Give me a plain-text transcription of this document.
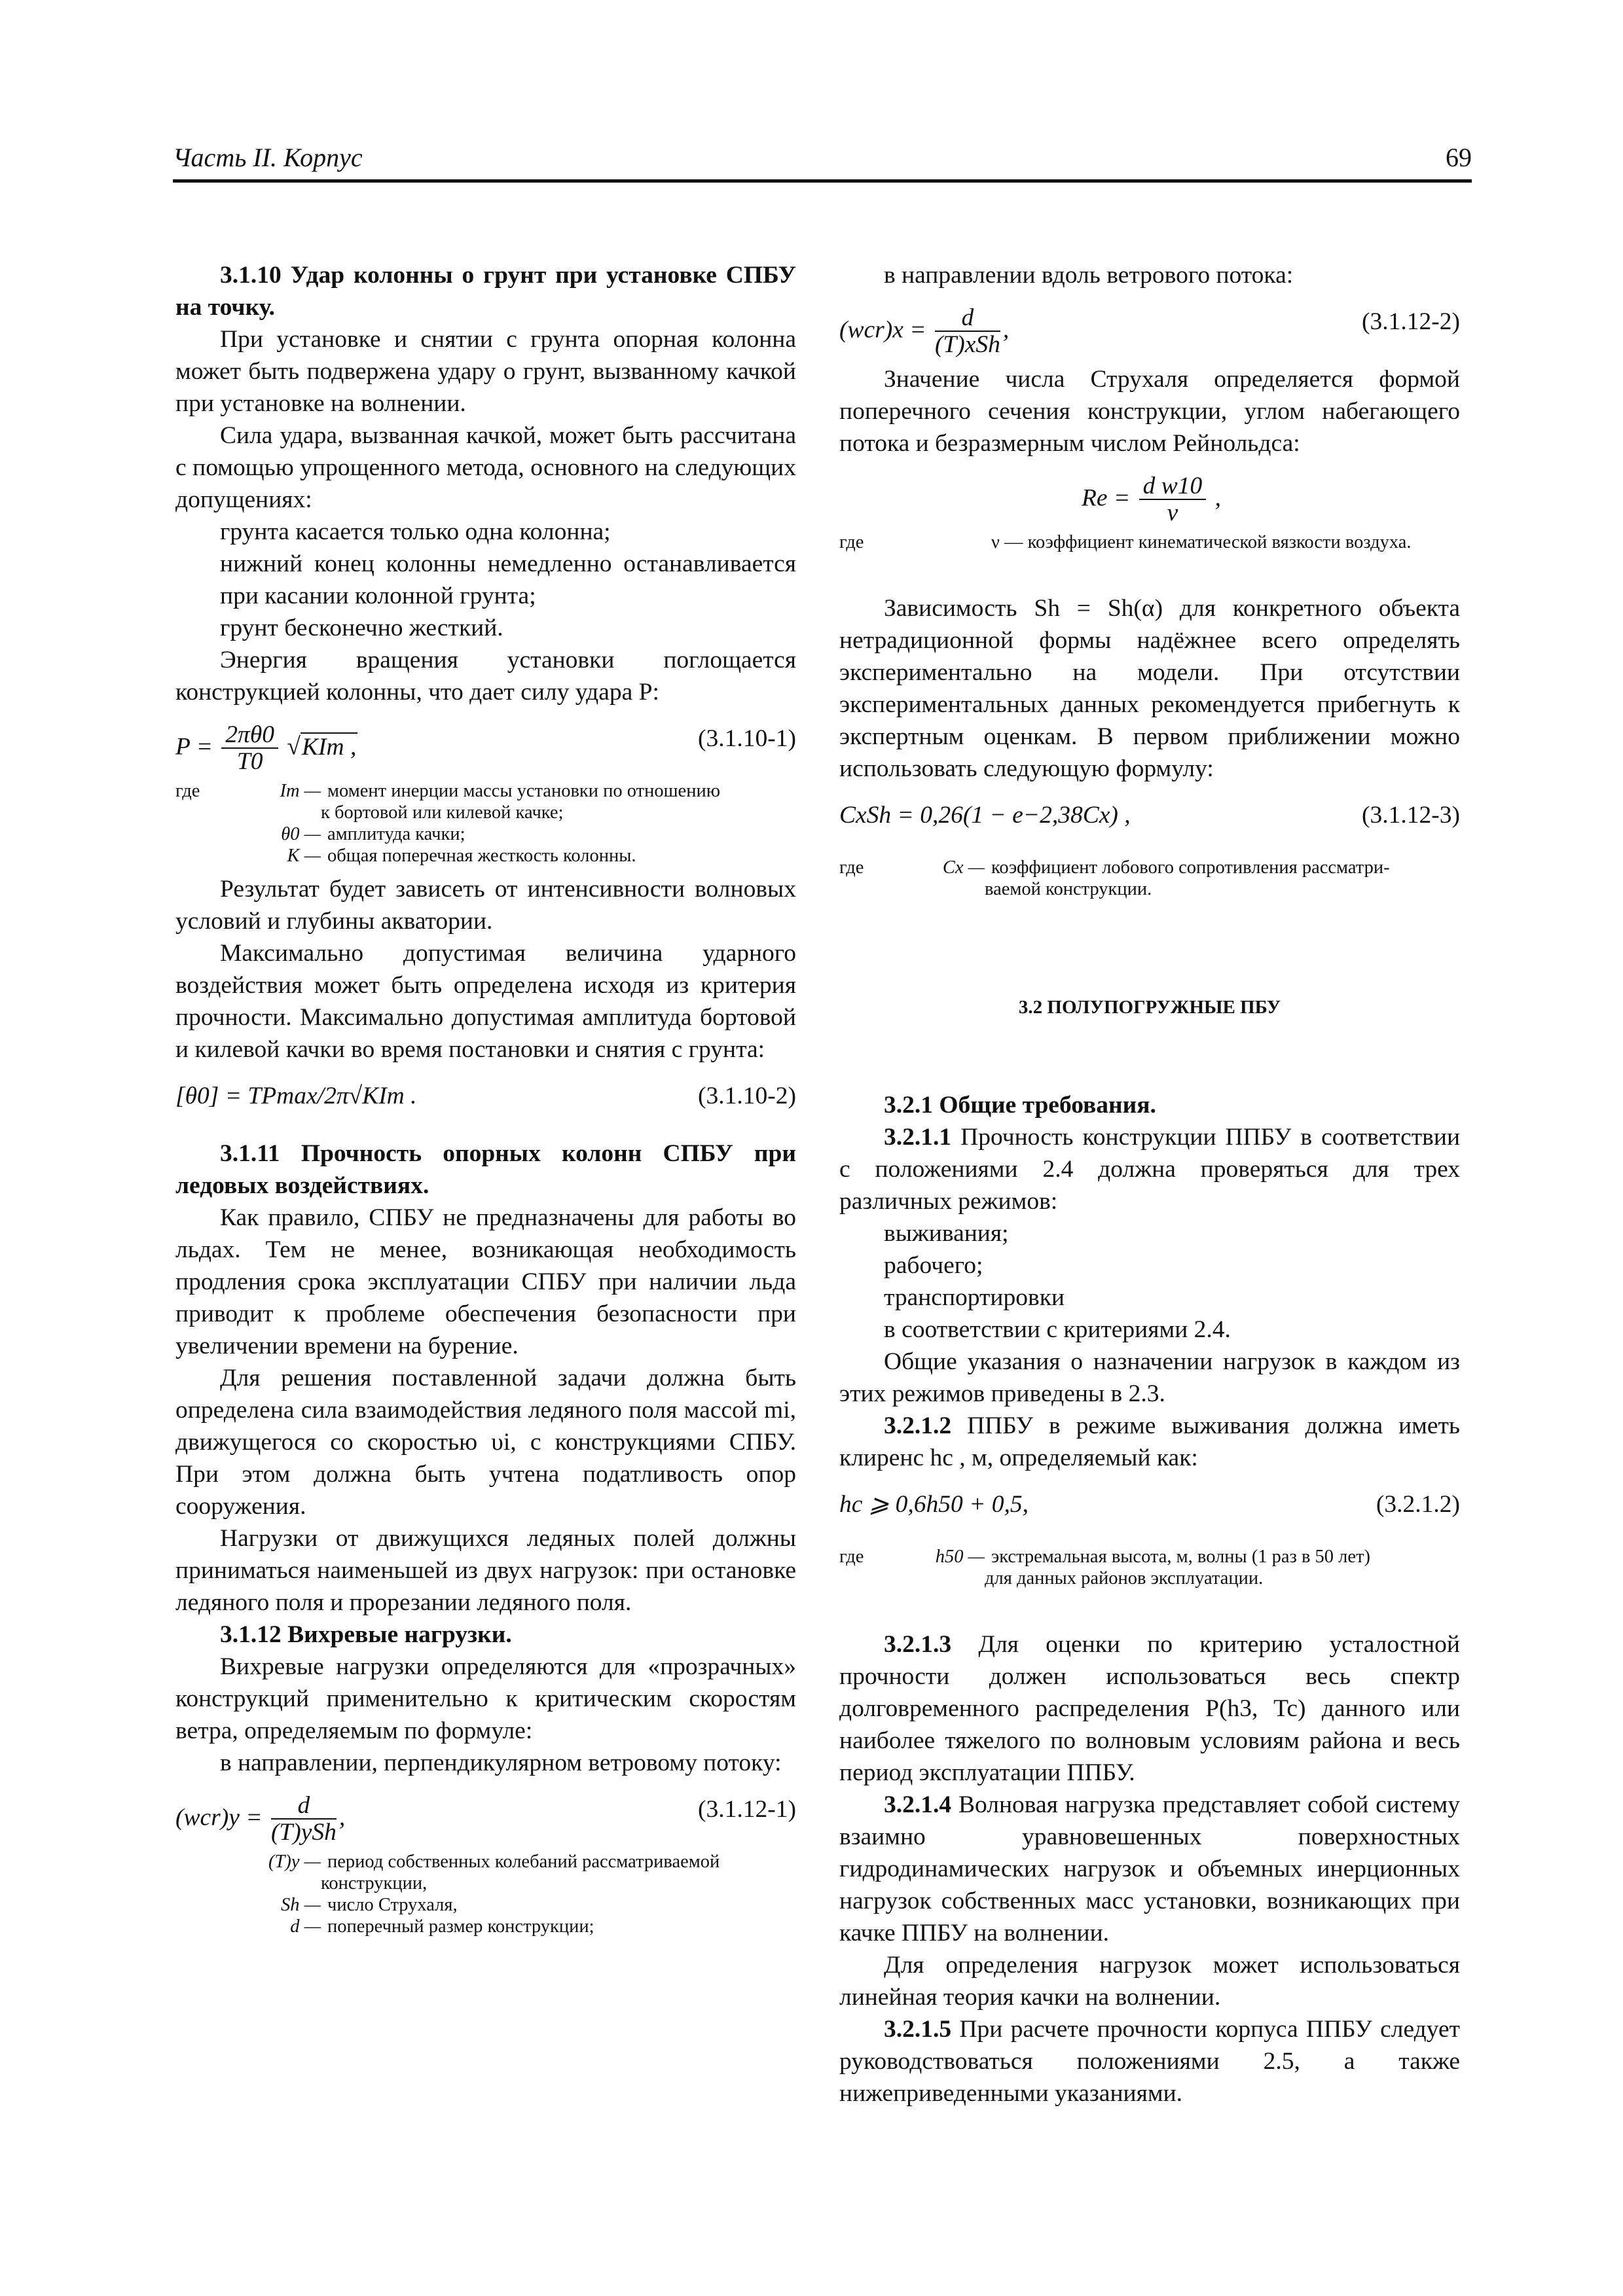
Часть II. Корпус	69

3.1.10 Удар колонны о грунт при установке СПБУ на точку.

При установке и снятии с грунта опорная колонна может быть подвержена удару о грунт, вызванному качкой при установке на волнении.

Сила удара, вызванная качкой, может быть рассчитана с помощью упрощенного метода, основного на следующих допущениях:

грунта касается только одна колонна;

нижний конец колонны немедленно останавливается при касании колонной грунта;

грунт бесконечно жесткий.

Энергия вращения установки поглощается конструкцией колонны, что дает силу удара P:

$P = \frac{2\pi\theta 0}{T0} √KIm$ ,	(3.1.10-1)
где	Im — момент инерции массы установки по отношению
к бортовой или килевой качке;
θ0 — амплитуда качки;
K — общая поперечная жесткость колонны.

Результат будет зависеть от интенсивности волновых условий и глубины акватории.

Максимально допустимая величина ударного воздействия может быть определена исходя из критерия прочности. Максимально допустимая амплитуда бортовой и килевой качки во время постановки и снятия с грунта:

[θ0] = TPmax/2π√KIm .	(3.1.10-2)

3.1.11 Прочность опорных колонн СПБУ при ледовых воздействиях.

Как правило, СПБУ не предназначены для работы во льдах. Тем не менее, возникающая необходимость продления срока эксплуатации СПБУ при наличии льда приводит к проблеме обеспечения безопасности при увеличении времени на бурение.

Для решения поставленной задачи должна быть определена сила взаимодействия ледяного поля массой mi, движущегося со скоростью υi, с конструкциями СПБУ. При этом должна быть учтена податливость опор сооружения.

Нагрузки от движущихся ледяных полей должны приниматься наименьшей из двух нагрузок: при остановке ледяного поля и прорезании ледяного поля.

3.1.12 Вихревые нагрузки.

Вихревые нагрузки определяются для «прозрачных» конструкций применительно к критическим скоростям ветра, определяемым по формуле:

в направлении, перпендикулярном ветровому потоку:

$(wcr)y = \frac{d}{\text{(T)ySh}}$ ,	(3.1.12-1)
(T)y — период собственных колебаний рассматриваемой
конструкции,
Sh — число Струхаля,
d — поперечный размер конструкции;

в направлении вдоль ветрового потока:

$(wcr)x = \frac{d}{\text{(T)xSh}}$ ,	(3.1.12-2)

Значение числа Струхаля определяется формой поперечного сечения конструкции, углом набегающего потока и безразмерным числом Рейнольдса:

$Re = \frac{\text{d w10}}{\nu}$ ,
где	ν — коэффициент кинематической вязкости воздуха.

Зависимость Sh = Sh(α) для конкретного объекта нетрадиционной формы надёжнее всего определять экспериментально на модели. При отсутствии экспериментальных данных рекомендуется прибегнуть к экспертным оценкам. В первом приближении можно использовать следующую формулу:

CxSh = 0,26(1 − e−2,38Cx) ,	(3.1.12-3)
где	Cx — коэффициент лобового сопротивления рассматри-
ваемой конструкции.
3.2 ПОЛУПОГРУЖНЫЕ ПБУ

3.2.1 Общие требования.

3.2.1.1 Прочность конструкции ППБУ в соответствии с положениями 2.4 должна проверяться для трех различных режимов:

выживания;

рабочего;

транспортировки

в соответствии с критериями 2.4.

Общие указания о назначении нагрузок в каждом из этих режимов приведены в 2.3.

3.2.1.2 ППБУ в режиме выживания должна иметь клиренс hc , м, определяемый как:

hc ⩾ 0,6h50 + 0,5,	(3.2.1.2)
где	h50 — экстремальная высота, м, волны (1 раз в 50 лет)
для данных районов эксплуатации.

3.2.1.3 Для оценки по критерию усталостной прочности должен использоваться весь спектр долговременного распределения P(h3, Tc) данного или наиболее тяжелого по волновым условиям района и весь период эксплуатации ППБУ.

3.2.1.4 Волновая нагрузка представляет собой систему взаимно уравновешенных поверхностных гидродинамических нагрузок и объемных инерционных нагрузок собственных масс установки, возникающих при качке ППБУ на волнении.

Для определения нагрузок может использоваться линейная теория качки на волнении.

3.2.1.5 При расчете прочности корпуса ППБУ следует руководствоваться положениями 2.5, а также нижеприведенными указаниями.
